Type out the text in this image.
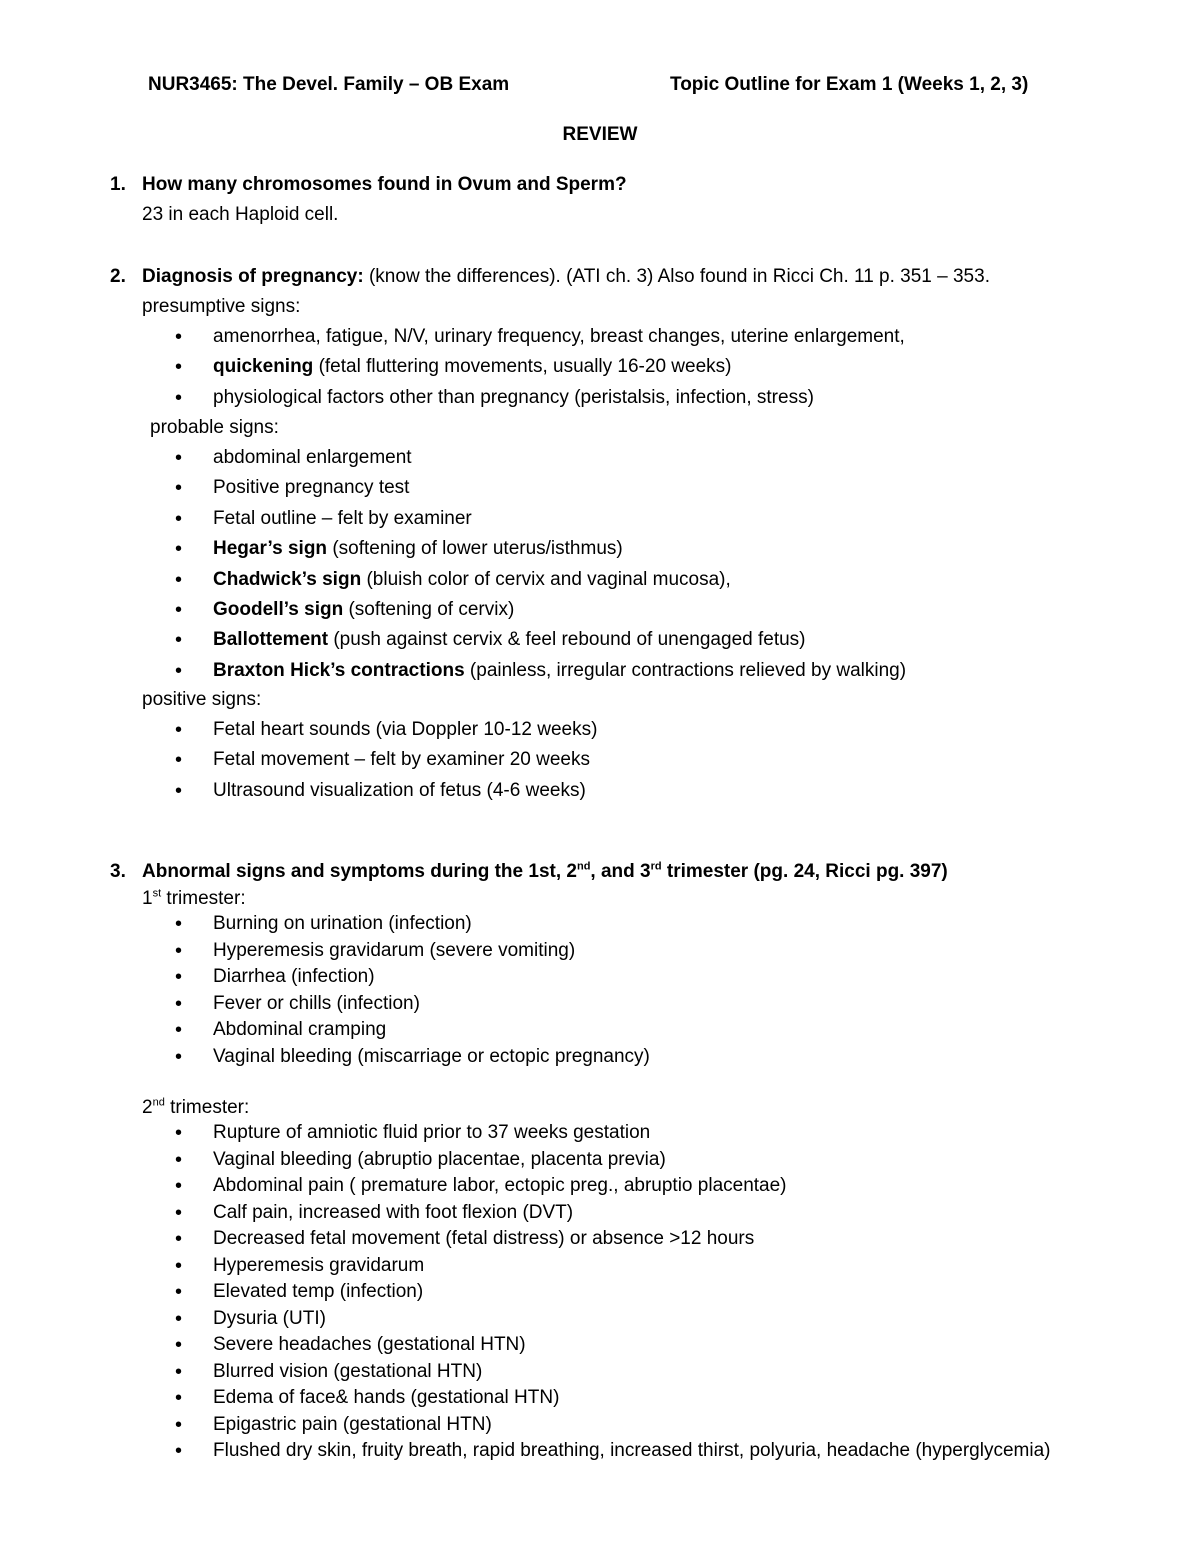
NUR3465: The Devel. Family – OB Exam	Topic Outline for Exam 1 (Weeks 1, 2, 3)
REVIEW
1. How many chromosomes found in Ovum and Sperm?
23 in each Haploid cell.
2. Diagnosis of pregnancy: (know the differences). (ATI ch. 3) Also found in Ricci Ch. 11 p. 351 – 353.
presumptive signs:
• amenorrhea, fatigue, N/V, urinary frequency, breast changes, uterine enlargement,
• quickening (fetal fluttering movements, usually 16-20 weeks)
• physiological factors other than pregnancy (peristalsis, infection, stress)
probable signs:
• abdominal enlargement
• Positive pregnancy test
• Fetal outline – felt by examiner
• Hegar’s sign (softening of lower uterus/isthmus)
• Chadwick’s sign (bluish color of cervix and vaginal mucosa),
• Goodell’s sign (softening of cervix)
• Ballottement (push against cervix & feel rebound of unengaged fetus)
• Braxton Hick’s contractions (painless, irregular contractions relieved by walking)
positive signs:
• Fetal heart sounds (via Doppler 10-12 weeks)
• Fetal movement – felt by examiner 20 weeks
• Ultrasound visualization of fetus (4-6 weeks)
3. Abnormal signs and symptoms during the 1st, 2nd, and 3rd trimester (pg. 24, Ricci pg. 397)
1st trimester:
• Burning on urination (infection)
• Hyperemesis gravidarum (severe vomiting)
• Diarrhea (infection)
• Fever or chills (infection)
• Abdominal cramping
• Vaginal bleeding (miscarriage or ectopic pregnancy)
2nd trimester:
• Rupture of amniotic fluid prior to 37 weeks gestation
• Vaginal bleeding (abruptio placentae, placenta previa)
• Abdominal pain ( premature labor, ectopic preg., abruptio placentae)
• Calf pain, increased with foot flexion (DVT)
• Decreased fetal movement (fetal distress) or absence >12 hours
• Hyperemesis gravidarum
• Elevated temp (infection)
• Dysuria (UTI)
• Severe headaches (gestational HTN)
• Blurred vision (gestational HTN)
• Edema of face& hands (gestational HTN)
• Epigastric pain (gestational HTN)
• Flushed dry skin, fruity breath, rapid breathing, increased thirst, polyuria, headache (hyperglycemia)
